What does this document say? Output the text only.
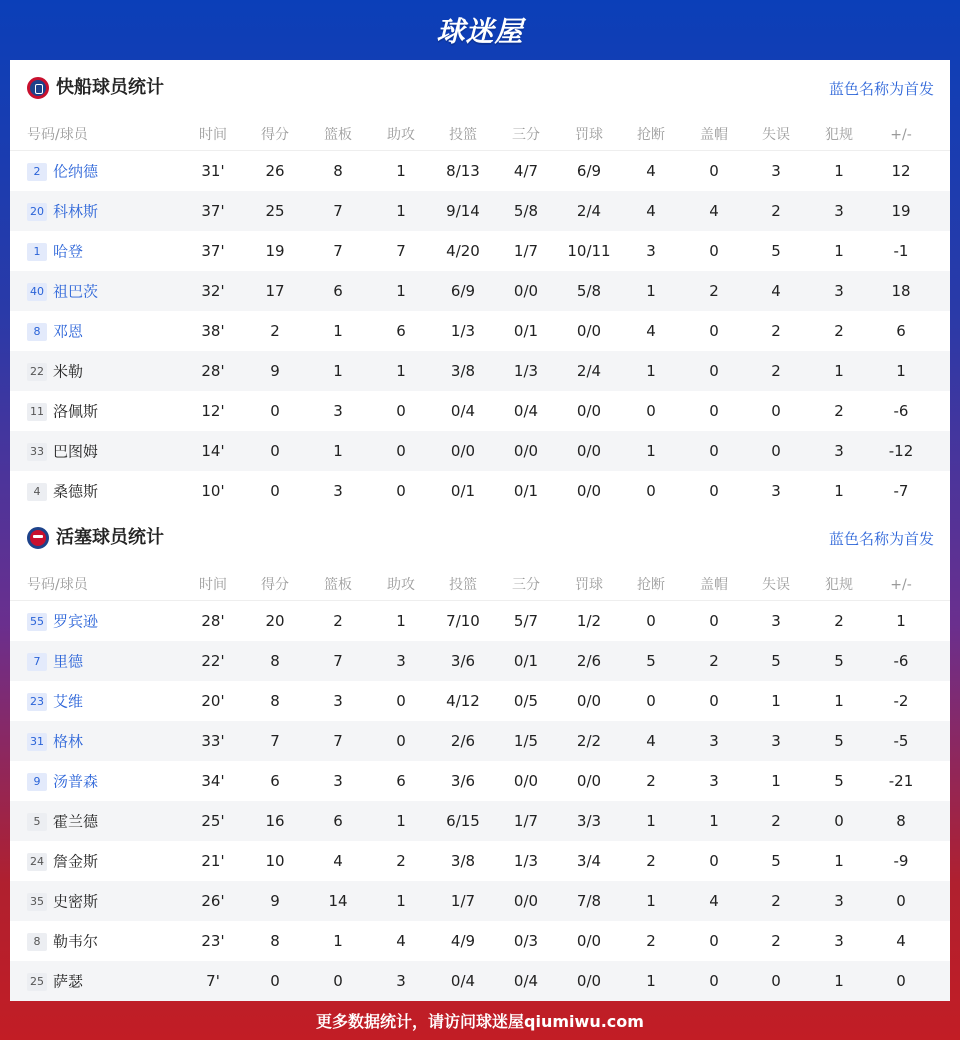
球迷屋
快船球员统计	蓝色名称为首发
号码/球员	时间	得分	篮板	助攻	投篮	三分	罚球	抢断	盖帽	失误	犯规	+/-
2 伦纳德	31'	26	8	1	8/13	4/7	6/9	4	0	3	1	12
20 科林斯	37'	25	7	1	9/14	5/8	2/4	4	4	2	3	19
1 哈登	37'	19	7	7	4/20	1/7	10/11	3	0	5	1	-1
40 祖巴茨	32'	17	6	1	6/9	0/0	5/8	1	2	4	3	18
8 邓恩	38'	2	1	6	1/3	0/1	0/0	4	0	2	2	6
22 米勒	28'	9	1	1	3/8	1/3	2/4	1	0	2	1	1
11 洛佩斯	12'	0	3	0	0/4	0/4	0/0	0	0	0	2	-6
33 巴图姆	14'	0	1	0	0/0	0/0	0/0	1	0	0	3	-12
4 桑德斯	10'	0	3	0	0/1	0/1	0/0	0	0	3	1	-7
活塞球员统计	蓝色名称为首发
号码/球员	时间	得分	篮板	助攻	投篮	三分	罚球	抢断	盖帽	失误	犯规	+/-
55 罗宾逊	28'	20	2	1	7/10	5/7	1/2	0	0	3	2	1
7 里德	22'	8	7	3	3/6	0/1	2/6	5	2	5	5	-6
23 艾维	20'	8	3	0	4/12	0/5	0/0	0	0	1	1	-2
31 格林	33'	7	7	0	2/6	1/5	2/2	4	3	3	5	-5
9 汤普森	34'	6	3	6	3/6	0/0	0/0	2	3	1	5	-21
5 霍兰德	25'	16	6	1	6/15	1/7	3/3	1	1	2	0	8
24 詹金斯	21'	10	4	2	3/8	1/3	3/4	2	0	5	1	-9
35 史密斯	26'	9	14	1	1/7	0/0	7/8	1	4	2	3	0
8 勒韦尔	23'	8	1	4	4/9	0/3	0/0	2	0	2	3	4
25 萨瑟	7'	0	0	3	0/4	0/4	0/0	1	0	0	1	0
更多数据统计，请访问球迷屋qiumiwu.com
